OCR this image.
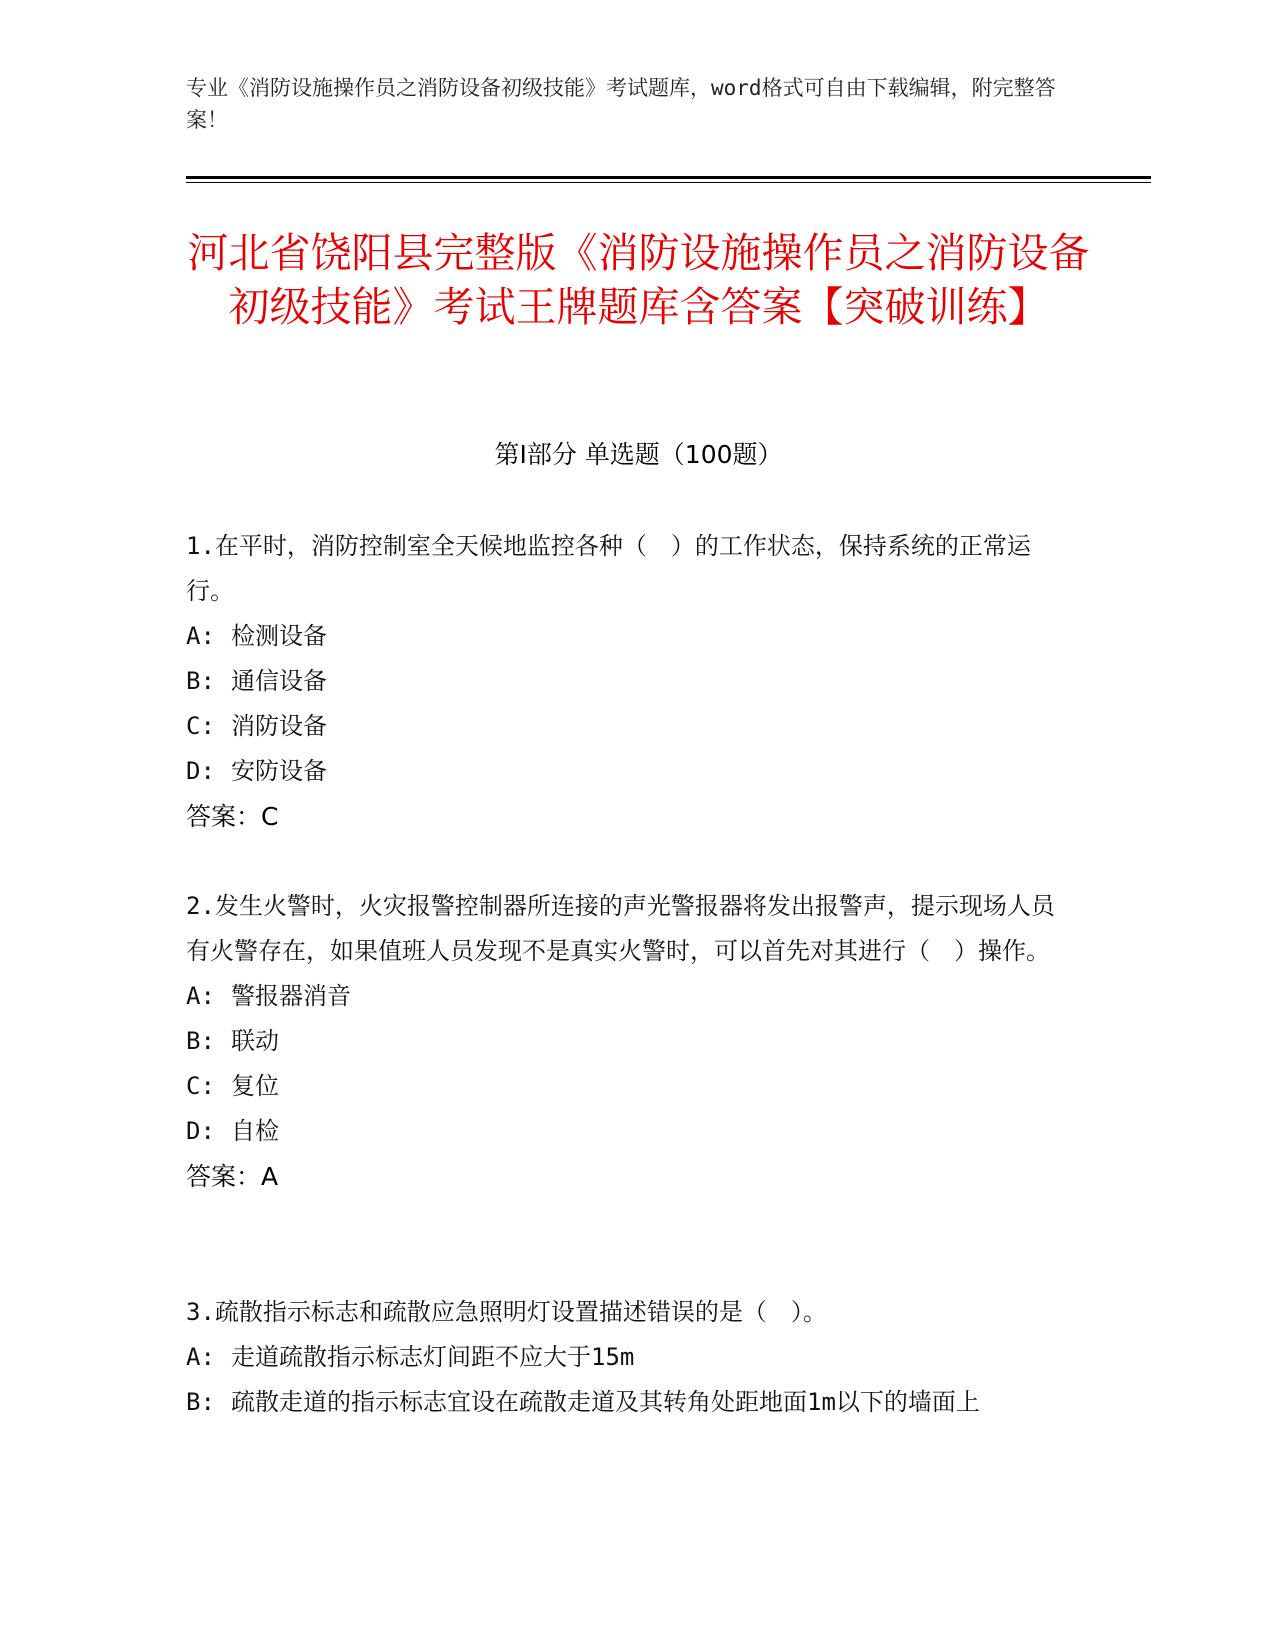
专业《消防设施操作员之消防设备初级技能》考试题库，word格式可自由下载编辑，附完整答案！
河北省饶阳县完整版《消防设施操作员之消防设备初级技能》考试王牌题库含答案【突破训练】
第I部分 单选题（100题）
1.在平时，消防控制室全天候地监控各种（　）的工作状态，保持系统的正常运行。
A: 检测设备
B: 通信设备
C: 消防设备
D: 安防设备
答案：C
2.发生火警时，火灾报警控制器所连接的声光警报器将发出报警声，提示现场人员有火警存在，如果值班人员发现不是真实火警时，可以首先对其进行（　）操作。
A: 警报器消音
B: 联动
C: 复位
D: 自检
答案：A
3.疏散指示标志和疏散应急照明灯设置描述错误的是（　）。
A: 走道疏散指示标志灯间距不应大于15m
B: 疏散走道的指示标志宜设在疏散走道及其转角处距地面1m以下的墙面上
